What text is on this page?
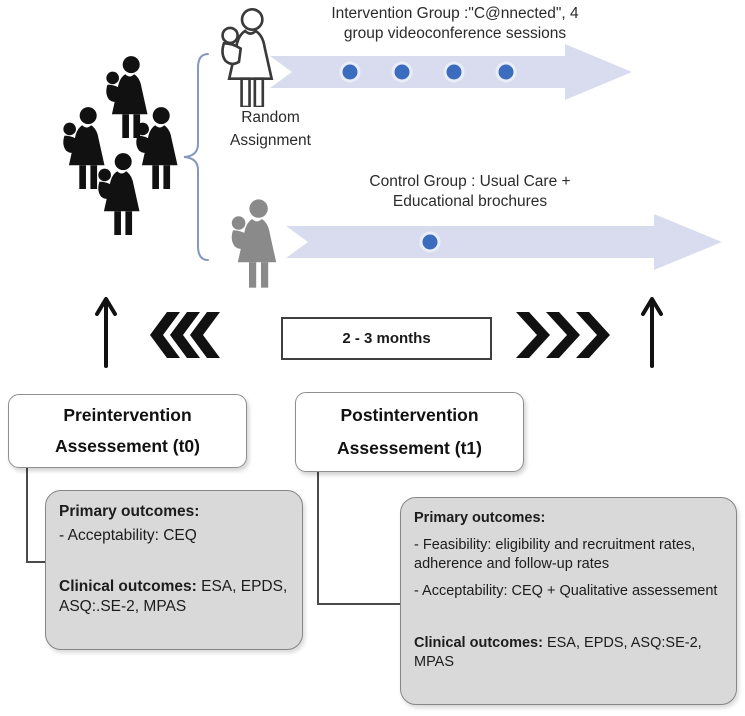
Intervention Group :"C@nnected", 4
group videoconference sessions
Random
Assignment
Control Group : Usual Care +
Educational brochures
2 - 3 months
Preintervention
Assessement (t0)
Postintervention
Assessement (t1)

Primary outcomes:

- Acceptability: CEQ

Clinical outcomes: ESA, EPDS, ASQ:.SE-2, MPAS

Primary outcomes:

- Feasibility: eligibility and recruitment rates, adherence and follow-up rates

- Acceptability: CEQ + Qualitative assessement

Clinical outcomes: ESA, EPDS, ASQ:SE-2, MPAS
